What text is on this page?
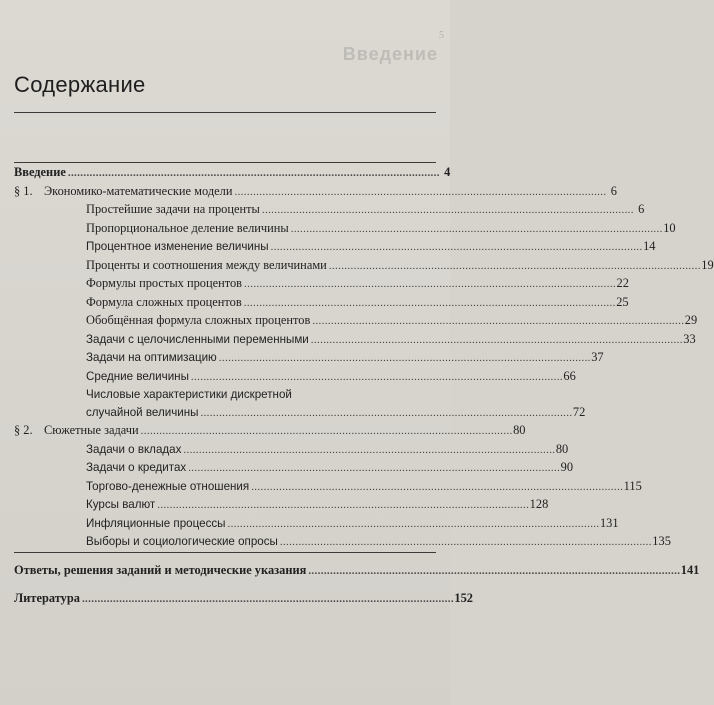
5
Введение
Содержание
Введение . . .	4
§ 1. Экономико-математические модели . . .	6
Простейшие задачи на проценты . . .	6
Пропорциональное деление величины . . .	10
Процентное изменение величины . . .	14
Проценты и соотношения между величинами . . .	19
Формулы простых процентов . . .	22
Формула сложных процентов . . .	25
Обобщённая формула сложных процентов . . .	29
Задачи с целочисленными переменными . . .	33
Задачи на оптимизацию . . .	37
Средние величины . . .	66
Числовые характеристики дискретной
случайной величины . . .	72
§ 2. Сюжетные задачи . . .	80
Задачи о вкладах . . .	80
Задачи о кредитах . . .	90
Торгово-денежные отношения . . .	115
Курсы валют . . .	128
Инфляционные процессы . . .	131
Выборы и социологические опросы . . .	135
Ответы, решения заданий и методические указания . . .	141
Литература . . .	152
